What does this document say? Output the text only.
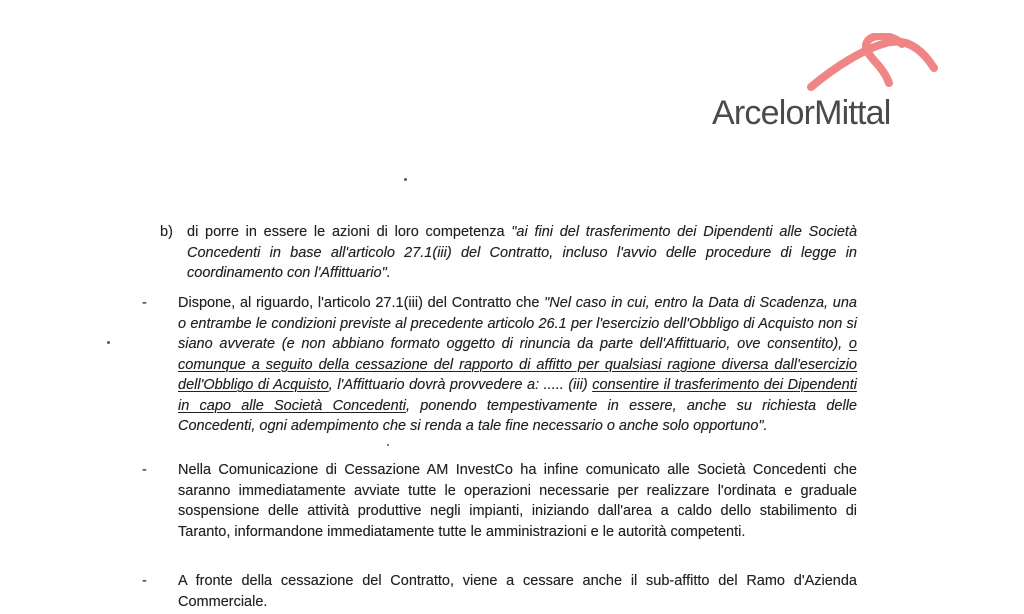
ArcelorMittal
b) di porre in essere le azioni di loro competenza "ai fini del trasferimento dei Dipendenti alle Società Concedenti in base all'articolo 27.1(iii) del Contratto, incluso l'avvio delle procedure di legge in coordinamento con l'Affittuario".
-	Dispone, al riguardo, l'articolo 27.1(iii) del Contratto che "Nel caso in cui, entro la Data di Scadenza, una o entrambe le condizioni previste al precedente articolo 26.1 per l'esercizio dell'Obbligo di Acquisto non si siano avverate (e non abbiano formato oggetto di rinuncia da parte dell'Affittuario, ove consentito), o comunque a seguito della cessazione del rapporto di affitto per qualsiasi ragione diversa dall'esercizio dell'Obbligo di Acquisto, l'Affittuario dovrà provvedere a: ..... (iii) consentire il trasferimento dei Dipendenti in capo alle Società Concedenti, ponendo tempestivamente in essere, anche su richiesta delle Concedenti, ogni adempimento che si renda a tale fine necessario o anche solo opportuno".
-	Nella Comunicazione di Cessazione AM InvestCo ha infine comunicato alle Società Concedenti che saranno immediatamente avviate tutte le operazioni necessarie per realizzare l'ordinata e graduale sospensione delle attività produttive negli impianti, iniziando dall'area a caldo dello stabilimento di Taranto, informandone immediatamente tutte le amministrazioni e le autorità competenti.
-	A fronte della cessazione del Contratto, viene a cessare anche il sub-affitto del Ramo d'Azienda Commerciale.
